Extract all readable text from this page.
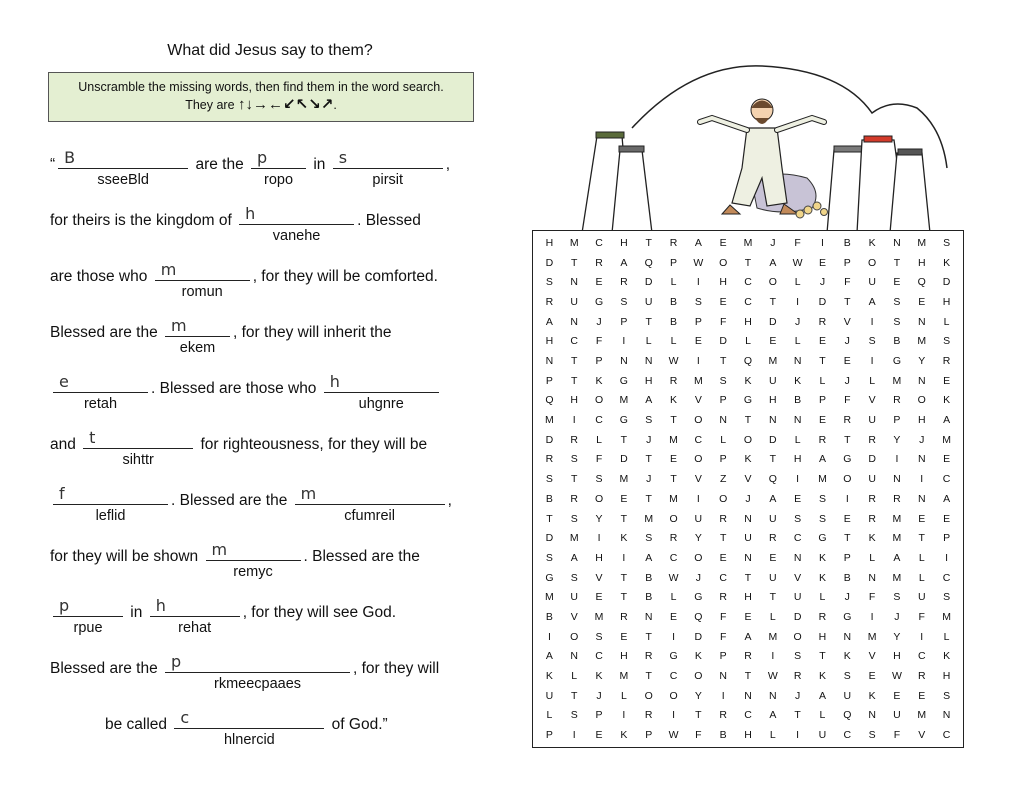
What did Jesus say to them?
Unscramble the missing words, then find them in the word search.
They are ↑↓→←↙↖↘↗.
“ B
sseeBld
are the p
ropo
in s
pirsit
,
for theirs is the kingdom of h
vanehe
. Blessed
are those who m
romun
, for they will be comforted.
Blessed are the m
ekem
, for they will inherit the
e
retah
. Blessed are those who h
uhgnre
and t
sihttr
for righteousness, for they will be
f
leflid
. Blessed are the m
cfumreil
,
for they will be shown m
remyc
. Blessed are the
p
rpue
in h
rehat
, for they will see God.
Blessed are the p
rkmeecpaaes
, for they will
be called c
hlnercid
of God.”
H	M	C	H	T	R	A	E	M	J	F	I	B	K	N	M	S
D	T	R	A	Q	P	W	O	T	A	W	E	P	O	T	H	K
S	N	E	R	D	L	I	H	C	O	L	J	F	U	E	Q	D
R	U	G	S	U	B	S	E	C	T	I	D	T	A	S	E	H
A	N	J	P	T	B	P	F	H	D	J	R	V	I	S	N	L
H	C	F	I	L	L	E	D	L	E	L	E	J	S	B	M	S
N	T	P	N	N	W	I	T	Q	M	N	T	E	I	G	Y	R
P	T	K	G	H	R	M	S	K	U	K	L	J	L	M	N	E
Q	H	O	M	A	K	V	P	G	H	B	P	F	V	R	O	K
M	I	C	G	S	T	O	N	T	N	N	E	R	U	P	H	A
D	R	L	T	J	M	C	L	O	D	L	R	T	R	Y	J	M
R	S	F	D	T	E	O	P	K	T	H	A	G	D	I	N	E
S	T	S	M	J	T	V	Z	V	Q	I	M	O	U	N	I	C
B	R	O	E	T	M	I	O	J	A	E	S	I	R	R	N	A
T	S	Y	T	M	O	U	R	N	U	S	S	E	R	M	E	E
D	M	I	K	S	R	Y	T	U	R	C	G	T	K	M	T	P
S	A	H	I	A	C	O	E	N	E	N	K	P	L	A	L	I
G	S	V	T	B	W	J	C	T	U	V	K	B	N	M	L	C
M	U	E	T	B	L	G	R	H	T	U	L	J	F	S	U	S
B	V	M	R	N	E	Q	F	E	L	D	R	G	I	J	F	M
I	O	S	E	T	I	D	F	A	M	O	H	N	M	Y	I	L
A	N	C	H	R	G	K	P	R	I	S	T	K	V	H	C	K
K	L	K	M	T	C	O	N	T	W	R	K	S	E	W	R	H
U	T	J	L	O	O	Y	I	N	N	J	A	U	K	E	E	S
L	S	P	I	R	I	T	R	C	A	T	L	Q	N	U	M	N
P	I	E	K	P	W	F	B	H	L	I	U	C	S	F	V	C
